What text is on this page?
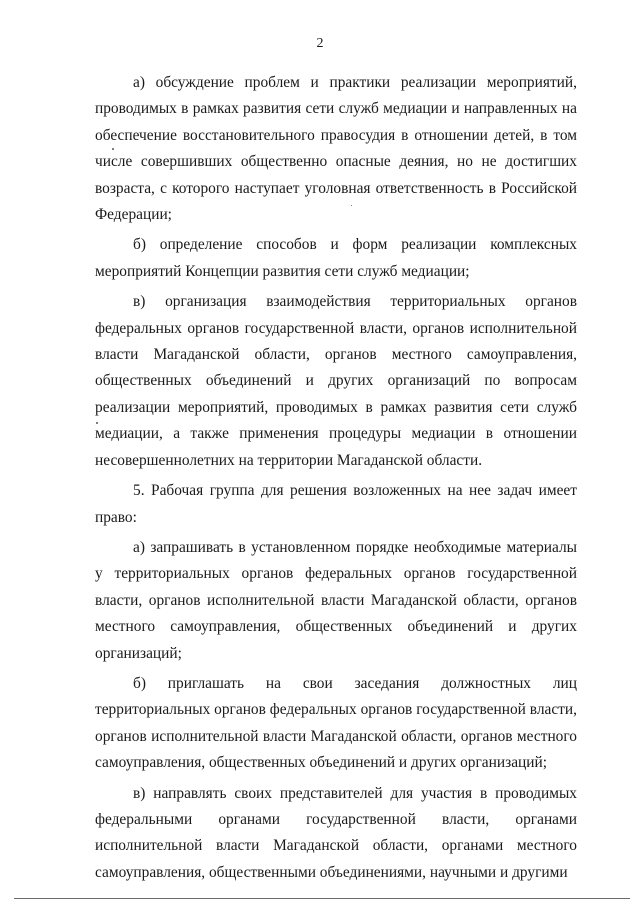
2

а) обсуждение проблем и практики реализации мероприятий, проводимых в рамках развития сети служб медиации и направленных на обеспечение восстановительного правосудия в отношении детей, в том числе совершивших общественно опасные деяния, но не достигших возраста, с которого наступает уголовная ответственность в Российской Федерации;

б) определение способов и форм реализации комплексных мероприятий Концепции развития сети служб медиации;

в) организация взаимодействия территориальных органов федеральных органов государственной власти, органов исполнительной власти Магаданской области, органов местного самоуправления, общественных объединений и других организаций по вопросам реализации мероприятий, проводимых в рамках развития сети служб медиации, а также применения процедуры медиации в отношении несовершеннолетних на территории Магаданской области.

5. Рабочая группа для решения возложенных на нее задач имеет право:

а) запрашивать в установленном порядке необходимые материалы у территориальных органов федеральных органов государственной власти, органов исполнительной власти Магаданской области, органов местного самоуправления, общественных объединений и других организаций;

б) приглашать на свои заседания должностных лиц территориальных органов федеральных органов государственной власти, органов исполнительной власти Магаданской области, органов местного самоуправления, общественных объединений и других организаций;

в) направлять своих представителей для участия в проводимых федеральными органами государственной власти, органами исполнительной власти Магаданской области, органами местного самоуправления, общественными объединениями, научными и другими
